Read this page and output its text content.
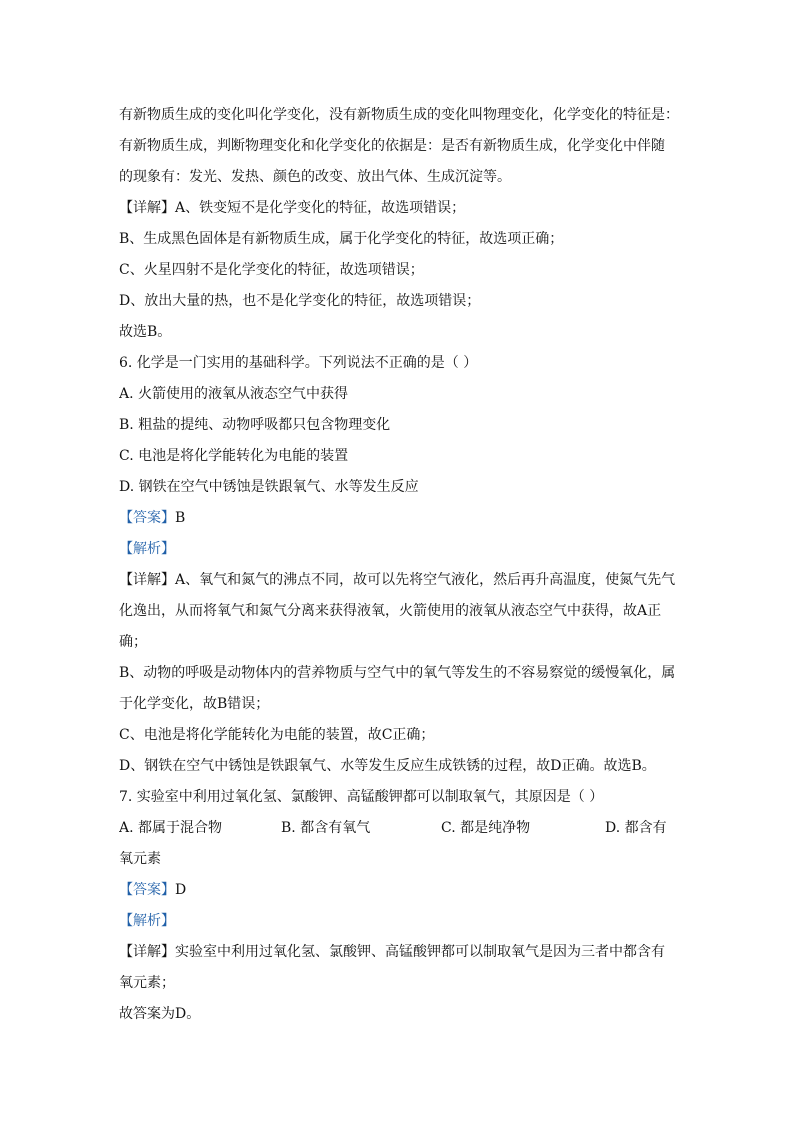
有新物质生成的变化叫化学变化，没有新物质生成的变化叫物理变化，化学变化的特征是：
有新物质生成，判断物理变化和化学变化的依据是：是否有新物质生成，化学变化中伴随
的现象有：发光、发热、颜色的改变、放出气体、生成沉淀等。
【详解】A、铁变短不是化学变化的特征，故选项错误；
B、生成黑色固体是有新物质生成，属于化学变化的特征，故选项正确；
C、火星四射不是化学变化的特征，故选项错误；
D、放出大量的热，也不是化学变化的特征，故选项错误；
故选B。
6. 化学是一门实用的基础科学。下列说法不正确的是（ ）
A. 火箭使用的液氧从液态空气中获得
B. 粗盐的提纯、动物呼吸都只包含物理变化
C. 电池是将化学能转化为电能的装置
D. 钢铁在空气中锈蚀是铁跟氧气、水等发生反应
【答案】B
【解析】
【详解】A、氧气和氮气的沸点不同，故可以先将空气液化，然后再升高温度，使氮气先气
化逸出，从而将氧气和氮气分离来获得液氧，火箭使用的液氧从液态空气中获得，故A正
确；
B、动物的呼吸是动物体内的营养物质与空气中的氧气等发生的不容易察觉的缓慢氧化，属
于化学变化，故B错误；
C、电池是将化学能转化为电能的装置，故C正确；
D、钢铁在空气中锈蚀是铁跟氧气、水等发生反应生成铁锈的过程，故D正确。故选B。
7. 实验室中利用过氧化氢、氯酸钾、高锰酸钾都可以制取氧气，其原因是（ ）
A. 都属于混合物	B. 都含有氧气	C. 都是纯净物	D. 都含有
氧元素
【答案】D
【解析】
【详解】实验室中利用过氧化氢、氯酸钾、高锰酸钾都可以制取氧气是因为三者中都含有
氧元素；
故答案为D。
